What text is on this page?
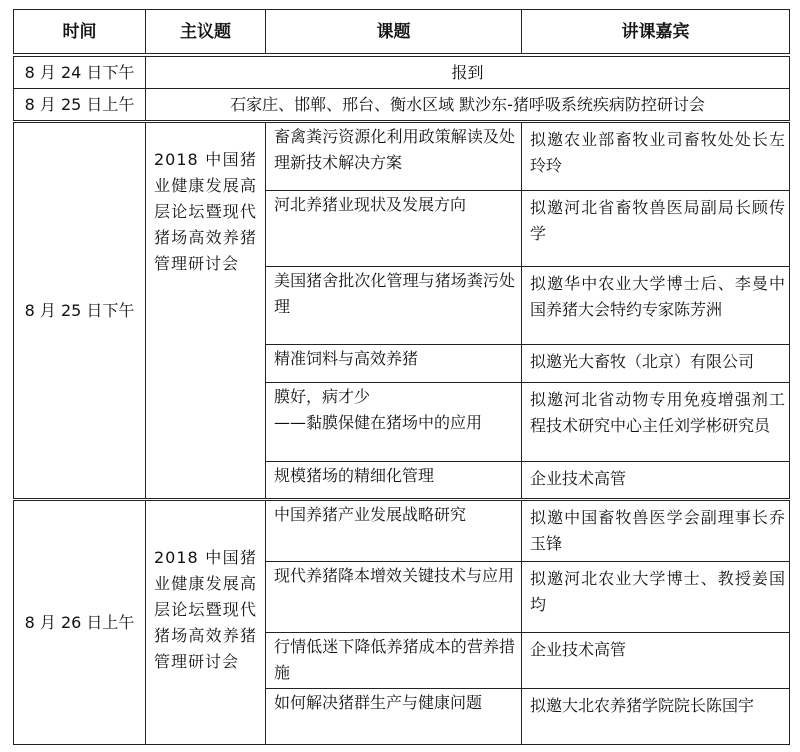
时间	主议题	课题	讲课嘉宾
8 月 24 日下午	报到		
8 月 25 日上午	石家庄、邯郸、邢台、衡水区域 默沙东-猪呼吸系统疾病防控研讨会		
8 月 25 日下午	2018 中国猪业健康发展高层论坛暨现代猪场高效养猪管理研讨会	畜禽粪污资源化利用政策解读及处理新技术解决方案	拟邀农业部畜牧业司畜牧处处长左玲玲
		河北养猪业现状及发展方向	拟邀河北省畜牧兽医局副局长顾传学
		美国猪舍批次化管理与猪场粪污处理	拟邀华中农业大学博士后、李曼中国养猪大会特约专家陈芳洲
		精准饲料与高效养猪	拟邀光大畜牧（北京）有限公司

		膜好，病才少
——黏膜保健在猪场中的应用	拟邀河北省动物专用免疫增强剂工程技术研究中心主任刘学彬研究员
		规模猪场的精细化管理	企业技术高管
8 月 26 日上午	2018 中国猪业健康发展高层论坛暨现代猪场高效养猪管理研讨会	中国养猪产业发展战略研究	拟邀中国畜牧兽医学会副理事长乔玉锋
		现代养猪降本增效关键技术与应用	拟邀河北农业大学博士、教授姜国均
		行情低迷下降低养猪成本的营养措施	企业技术高管
		如何解决猪群生产与健康问题	拟邀大北农养猪学院院长陈国宇
